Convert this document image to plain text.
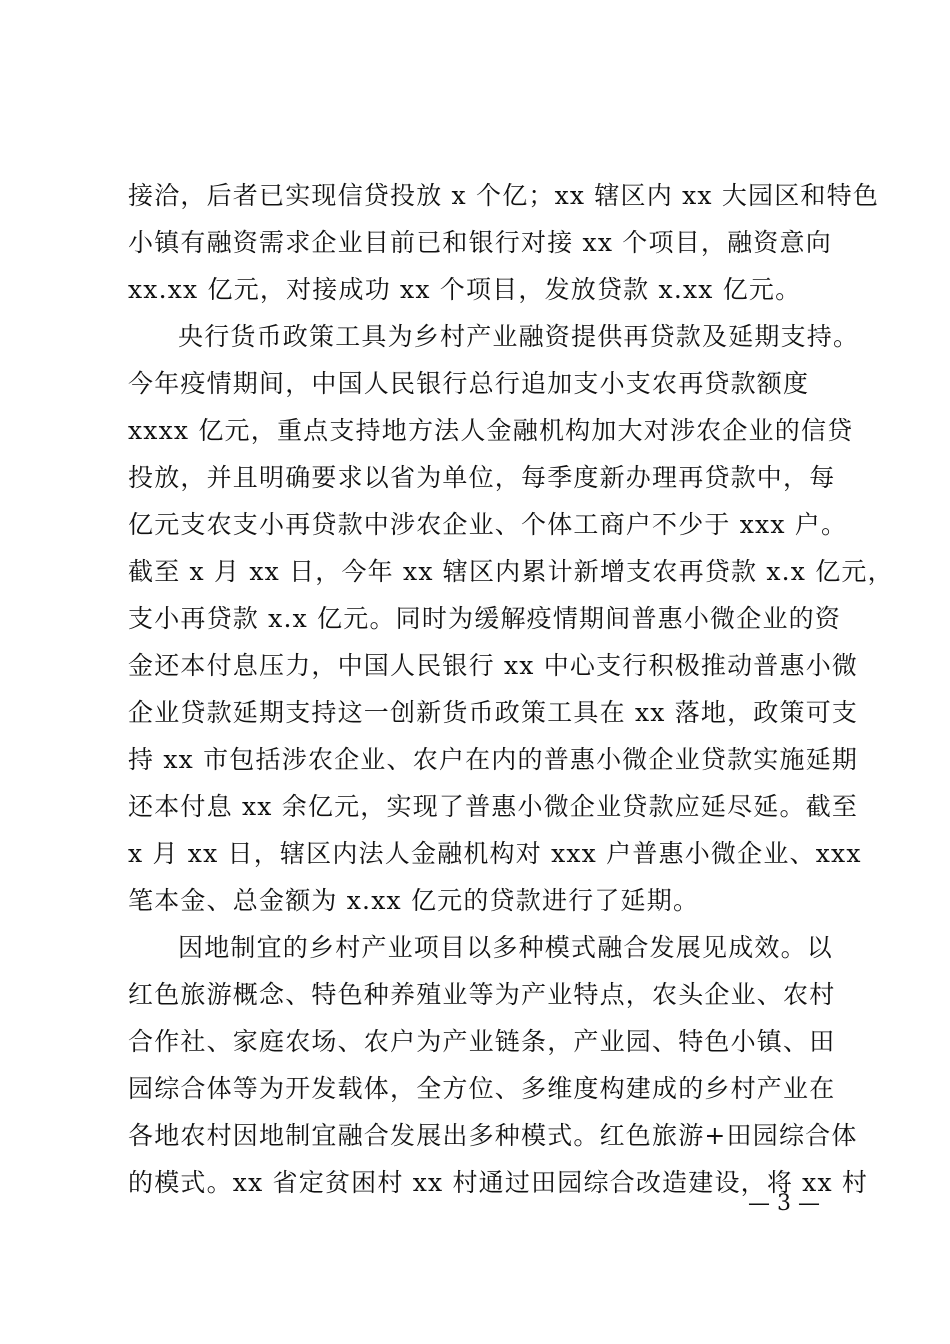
接洽，后者已实现信贷投放 x 个亿；xx 辖区内 xx 大园区和特色
小镇有融资需求企业目前已和银行对接 xx 个项目，融资意向
xx.xx 亿元，对接成功 xx 个项目，发放贷款 x.xx 亿元。
央行货币政策工具为乡村产业融资提供再贷款及延期支持。
今年疫情期间，中国人民银行总行追加支小支农再贷款额度
xxxx 亿元，重点支持地方法人金融机构加大对涉农企业的信贷
投放，并且明确要求以省为单位，每季度新办理再贷款中，每
亿元支农支小再贷款中涉农企业、个体工商户不少于 xxx 户。
截至 x 月 xx 日，今年 xx 辖区内累计新增支农再贷款 x.x 亿元，
支小再贷款 x.x 亿元。同时为缓解疫情期间普惠小微企业的资
金还本付息压力，中国人民银行 xx 中心支行积极推动普惠小微
企业贷款延期支持这一创新货币政策工具在 xx 落地，政策可支
持 xx 市包括涉农企业、农户在内的普惠小微企业贷款实施延期
还本付息 xx 余亿元，实现了普惠小微企业贷款应延尽延。截至
x 月 xx 日，辖区内法人金融机构对 xxx 户普惠小微企业、xxx
笔本金、总金额为 x.xx 亿元的贷款进行了延期。
因地制宜的乡村产业项目以多种模式融合发展见成效。以
红色旅游概念、特色种养殖业等为产业特点，农头企业、农村
合作社、家庭农场、农户为产业链条，产业园、特色小镇、田
园综合体等为开发载体，全方位、多维度构建成的乡村产业在
各地农村因地制宜融合发展出多种模式。红色旅游+田园综合体
的模式。xx 省定贫困村 xx 村通过田园综合改造建设，将 xx 村
— 3 —
